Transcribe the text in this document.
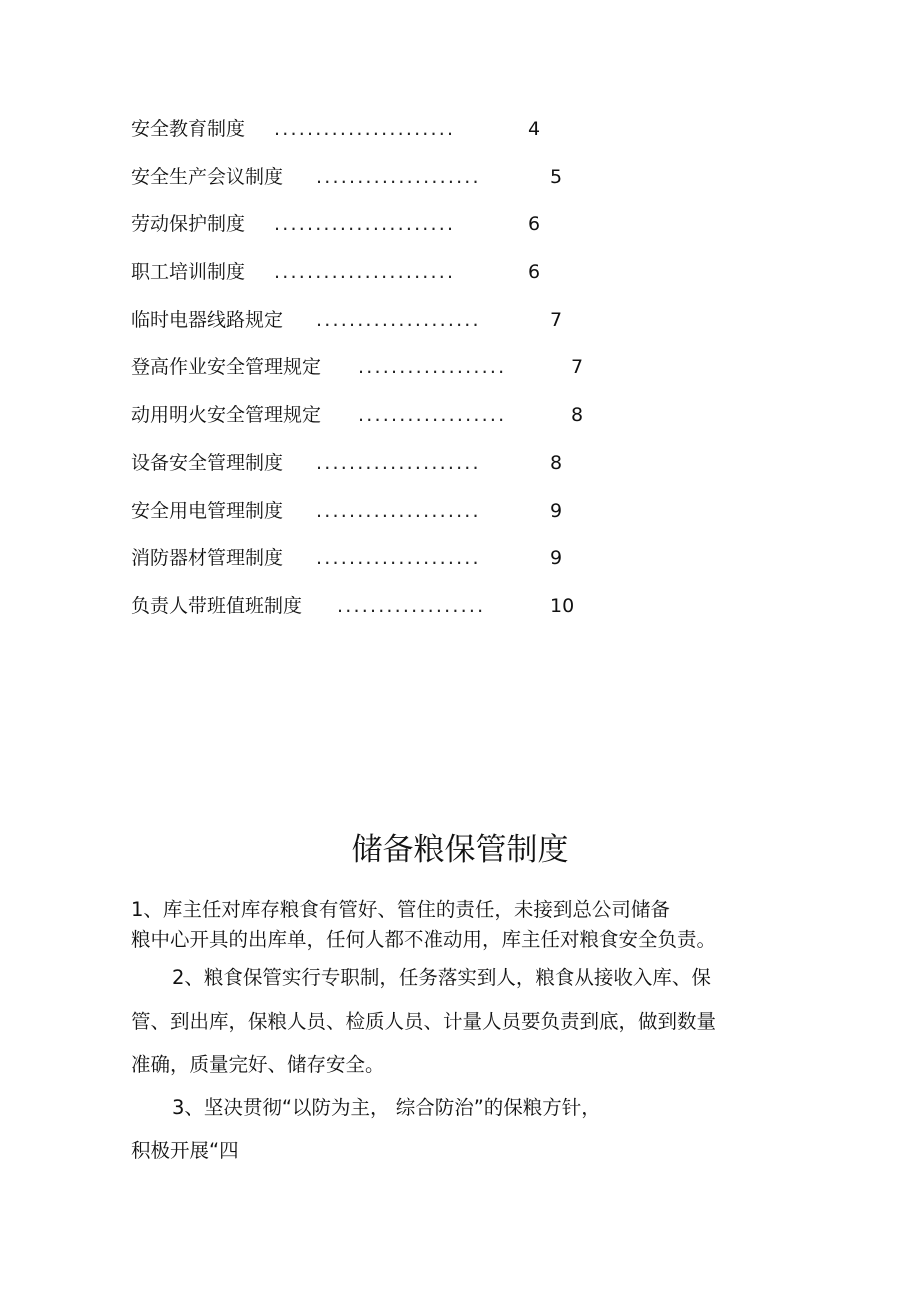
安全教育制度 ......................	4
安全生产会议制度 ....................	5
劳动保护制度 ......................	6
职工培训制度 ......................	6
临时电器线路规定 ....................	7
登高作业安全管理规定 ..................	7
动用明火安全管理规定 ..................	8
设备安全管理制度 ....................	8
安全用电管理制度 ....................	9
消防器材管理制度 ....................	9
负责人带班值班制度 ..................	10
储备粮保管制度

1、库主任对库存粮食有管好、管住的责任，未接到总公司储备

粮中心开具的出库单，任何人都不准动用，库主任对粮食安全负责。

2、粮食保管实行专职制，任务落实到人，粮食从接收入库、保

管、到出库，保粮人员、检质人员、计量人员要负责到底，做到数量

准确，质量完好、储存安全。

3、坚决贯彻“以防为主， 综合防治”的保粮方针，

积极开展“四
